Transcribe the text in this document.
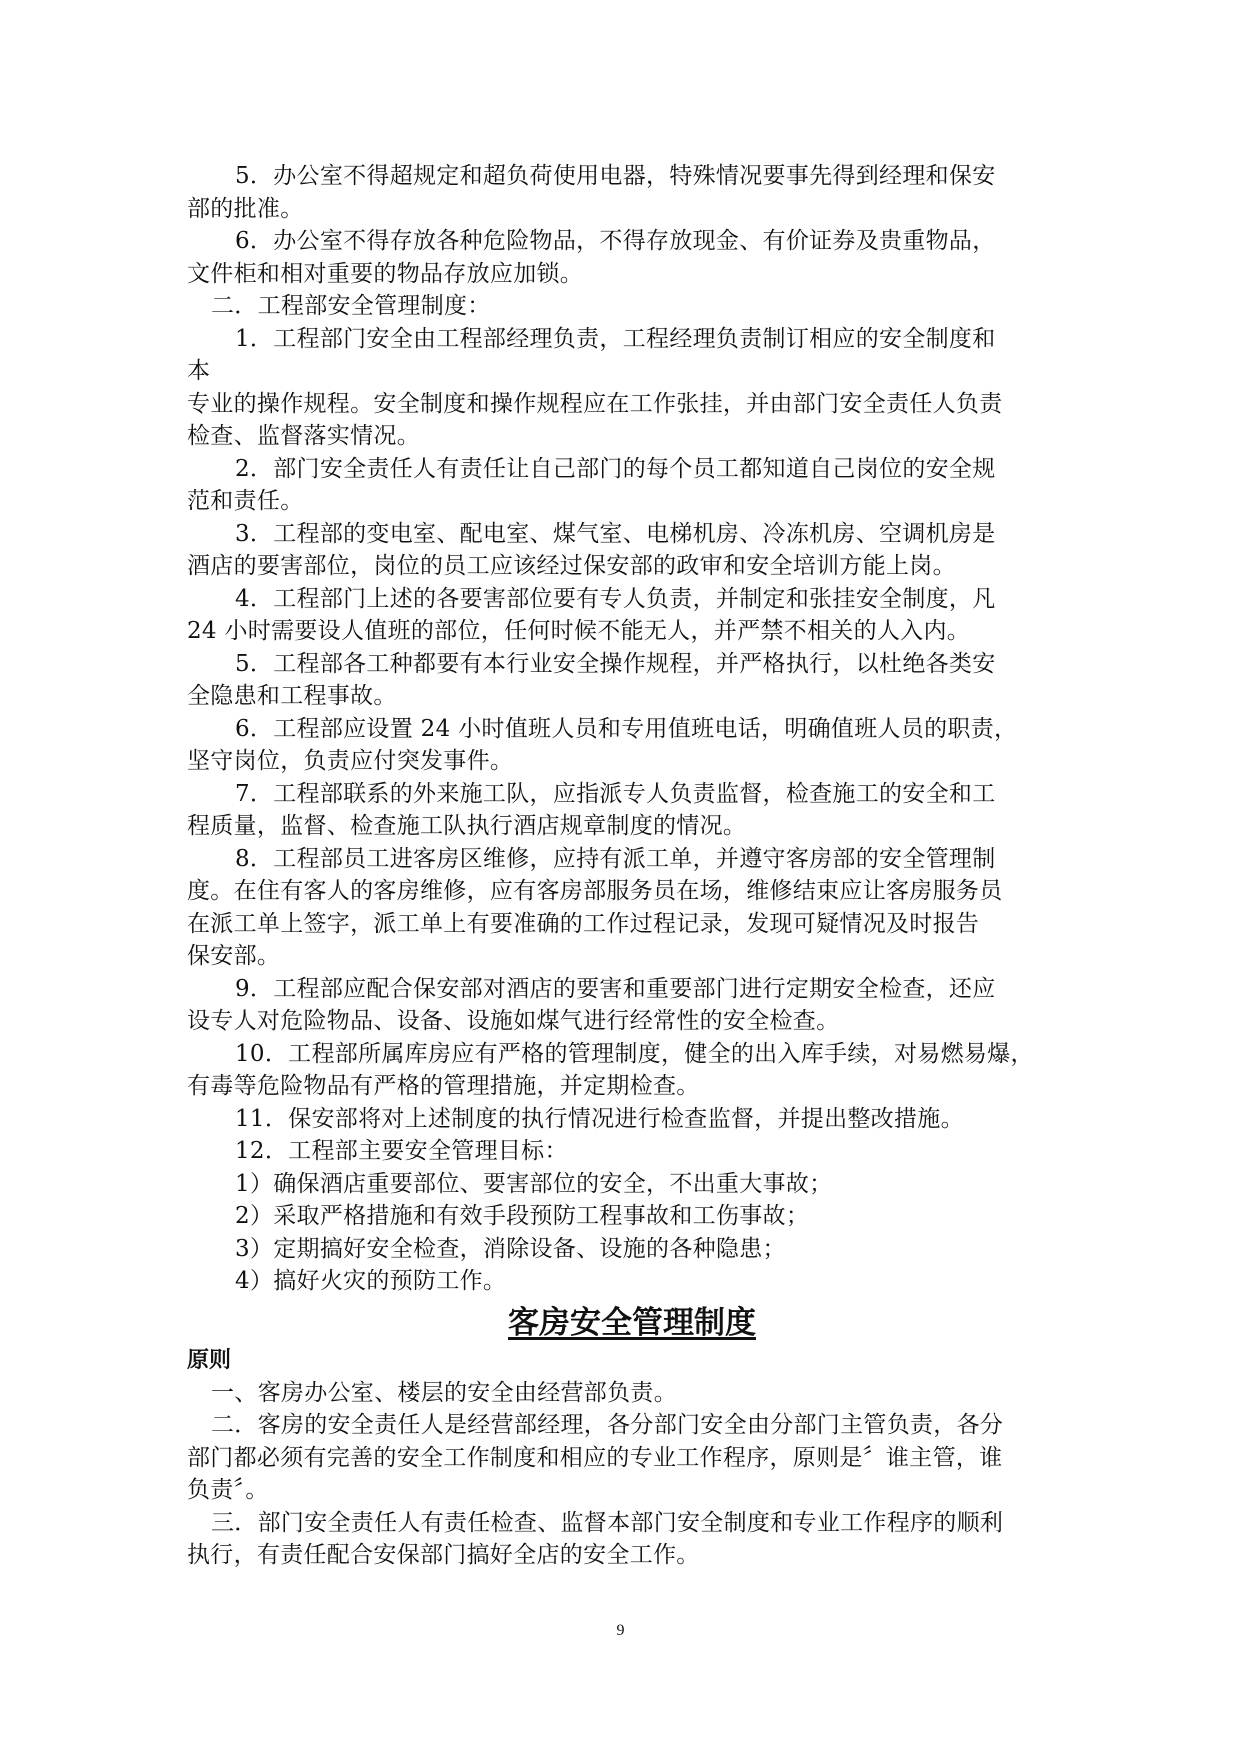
5．办公室不得超规定和超负荷使用电器，特殊情况要事先得到经理和保安
部的批准。
6．办公室不得存放各种危险物品，不得存放现金、有价证券及贵重物品，
文件柜和相对重要的物品存放应加锁。
二．工程部安全管理制度：
1．工程部门安全由工程部经理负责，工程经理负责制订相应的安全制度和
本
专业的操作规程。安全制度和操作规程应在工作张挂，并由部门安全责任人负责
检查、监督落实情况。
2．部门安全责任人有责任让自己部门的每个员工都知道自己岗位的安全规
范和责任。
3．工程部的变电室、配电室、煤气室、电梯机房、冷冻机房、空调机房是
酒店的要害部位，岗位的员工应该经过保安部的政审和安全培训方能上岗。
4．工程部门上述的各要害部位要有专人负责，并制定和张挂安全制度，凡
24 小时需要设人值班的部位，任何时候不能无人，并严禁不相关的人入内。
5．工程部各工种都要有本行业安全操作规程，并严格执行，以杜绝各类安
全隐患和工程事故。
6．工程部应设置 24 小时值班人员和专用值班电话，明确值班人员的职责，
坚守岗位，负责应付突发事件。
7．工程部联系的外来施工队，应指派专人负责监督，检查施工的安全和工
程质量，监督、检查施工队执行酒店规章制度的情况。
8．工程部员工进客房区维修，应持有派工单，并遵守客房部的安全管理制
度。在住有客人的客房维修，应有客房部服务员在场，维修结束应让客房服务员
在派工单上签字，派工单上有要准确的工作过程记录，发现可疑情况及时报告
保安部。
9．工程部应配合保安部对酒店的要害和重要部门进行定期安全检查，还应
设专人对危险物品、设备、设施如煤气进行经常性的安全检查。
10．工程部所属库房应有严格的管理制度，健全的出入库手续，对易燃易爆，
有毒等危险物品有严格的管理措施，并定期检查。
11．保安部将对上述制度的执行情况进行检查监督，并提出整改措施。
12．工程部主要安全管理目标：
1）确保酒店重要部位、要害部位的安全，不出重大事故；
2）采取严格措施和有效手段预防工程事故和工伤事故；
3）定期搞好安全检查，消除设备、设施的各种隐患；
4）搞好火灾的预防工作。
客房安全管理制度
原则
一、客房办公室、楼层的安全由经营部负责。
二．客房的安全责任人是经营部经理，各分部门安全由分部门主管负责，各分
部门都必须有完善的安全工作制度和相应的专业工作程序，原则是〞谁主管，谁
负责〞。
三．部门安全责任人有责任检查、监督本部门安全制度和专业工作程序的顺利
执行，有责任配合安保部门搞好全店的安全工作。
9
